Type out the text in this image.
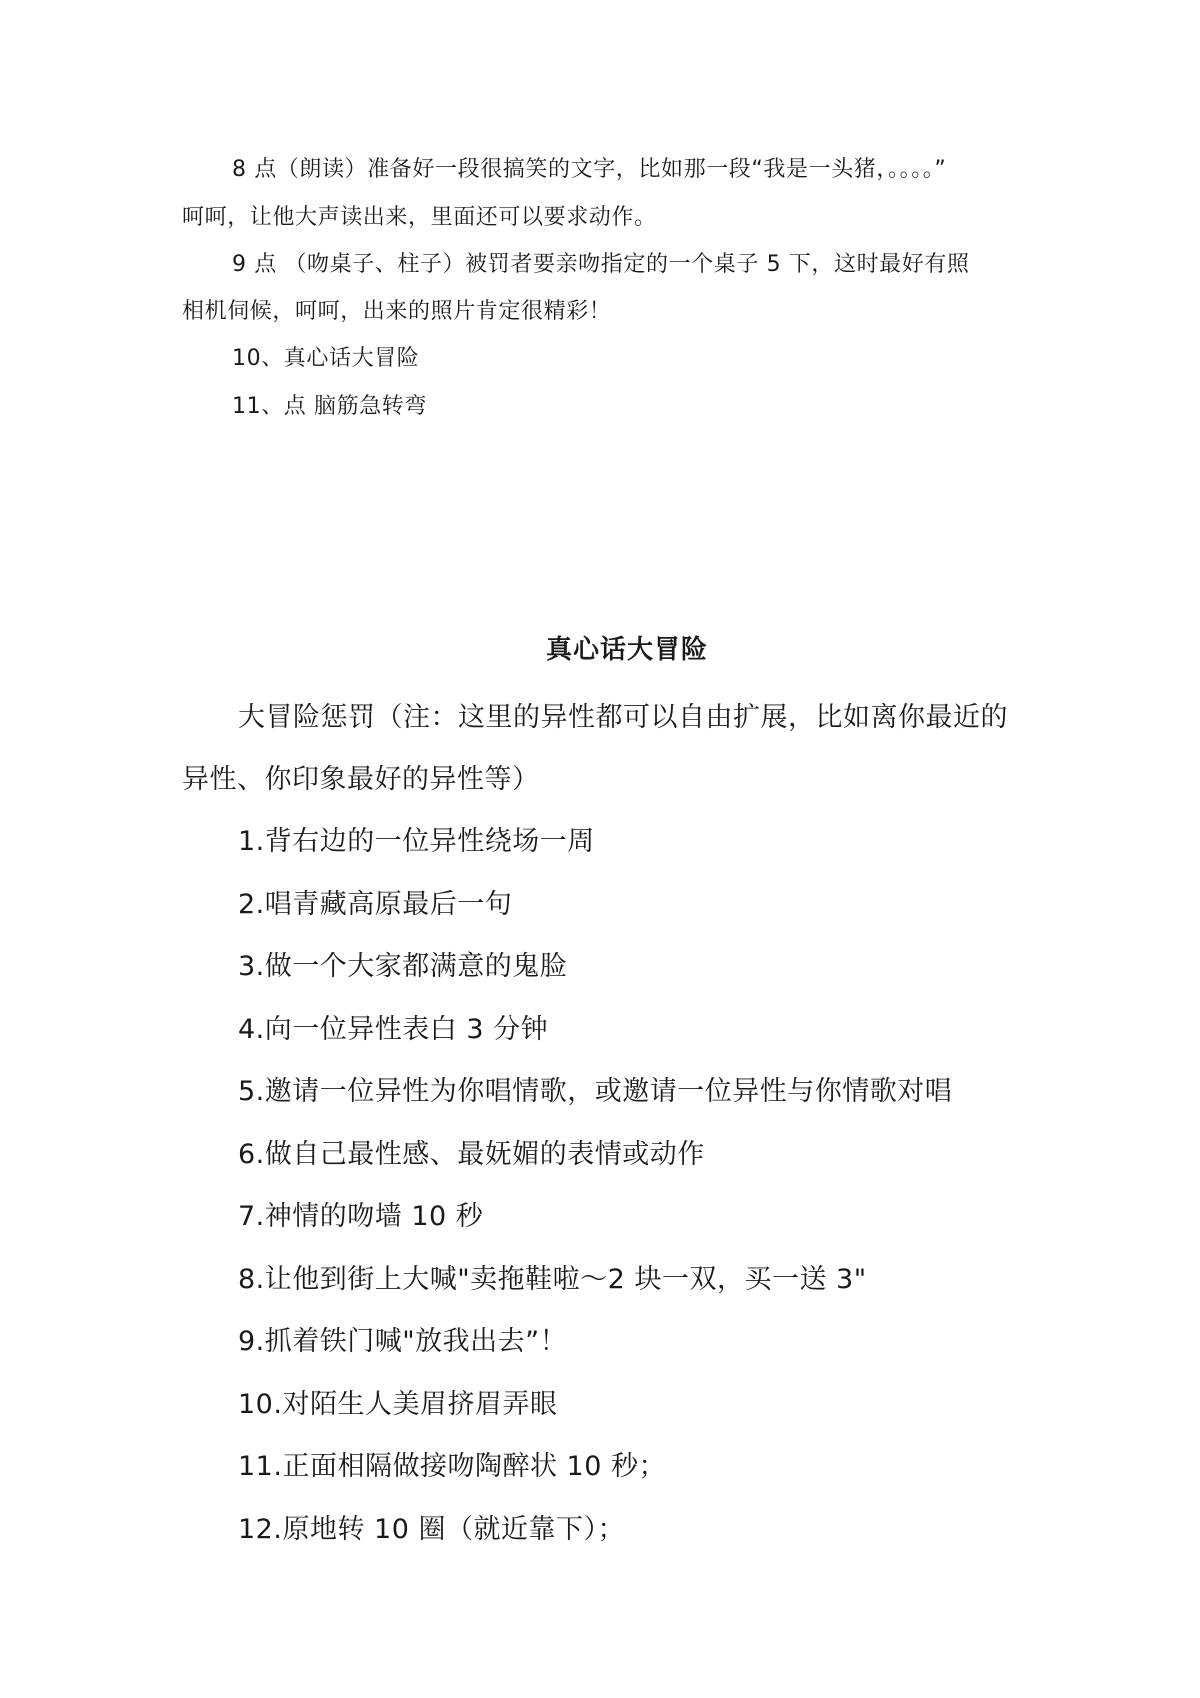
8 点（朗读）准备好一段很搞笑的文字，比如那一段“我是一头猪，。。。。”

呵呵，让他大声读出来，里面还可以要求动作。

9 点 （吻桌子、柱子）被罚者要亲吻指定的一个桌子 5 下，这时最好有照

相机伺候，呵呵，出来的照片肯定很精彩！

10、真心话大冒险

11、点 脑筋急转弯

真心话大冒险

大冒险惩罚（注：这里的异性都可以自由扩展，比如离你最近的

异性、你印象最好的异性等）

1.背右边的一位异性绕场一周

2.唱青藏高原最后一句

3.做一个大家都满意的鬼脸

4.向一位异性表白 3 分钟

5.邀请一位异性为你唱情歌，或邀请一位异性与你情歌对唱

6.做自己最性感、最妩媚的表情或动作

7.神情的吻墙 10 秒

8.让他到街上大喊"卖拖鞋啦～2 块一双，买一送 3"

9.抓着铁门喊"放我出去”！

10.对陌生人美眉挤眉弄眼

11.正面相隔做接吻陶醉状 10 秒；

12.原地转 10 圈（就近靠下）；
